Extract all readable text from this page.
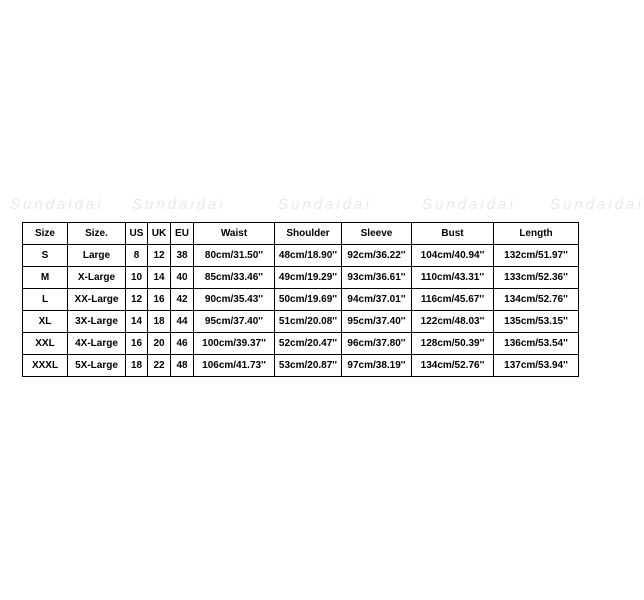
Sundaidai Sundaidai	Sundaidai	Sundaidai Sundaidai
Size	Size.	US	UK	EU	Waist	Shoulder	Sleeve	Bust	Length
S	Large	8	12	38	80cm/31.50''	48cm/18.90''	92cm/36.22''	104cm/40.94''	132cm/51.97''
M	X-Large	10	14	40	85cm/33.46''	49cm/19.29''	93cm/36.61''	110cm/43.31''	133cm/52.36''
L	XX-Large	12	16	42	90cm/35.43''	50cm/19.69''	94cm/37.01''	116cm/45.67''	134cm/52.76''
XL	3X-Large	14	18	44	95cm/37.40''	51cm/20.08''	95cm/37.40''	122cm/48.03''	135cm/53.15''
XXL	4X-Large	16	20	46	100cm/39.37''	52cm/20.47''	96cm/37.80''	128cm/50.39''	136cm/53.54''
XXXL	5X-Large	18	22	48	106cm/41.73''	53cm/20.87''	97cm/38.19''	134cm/52.76''	137cm/53.94''
